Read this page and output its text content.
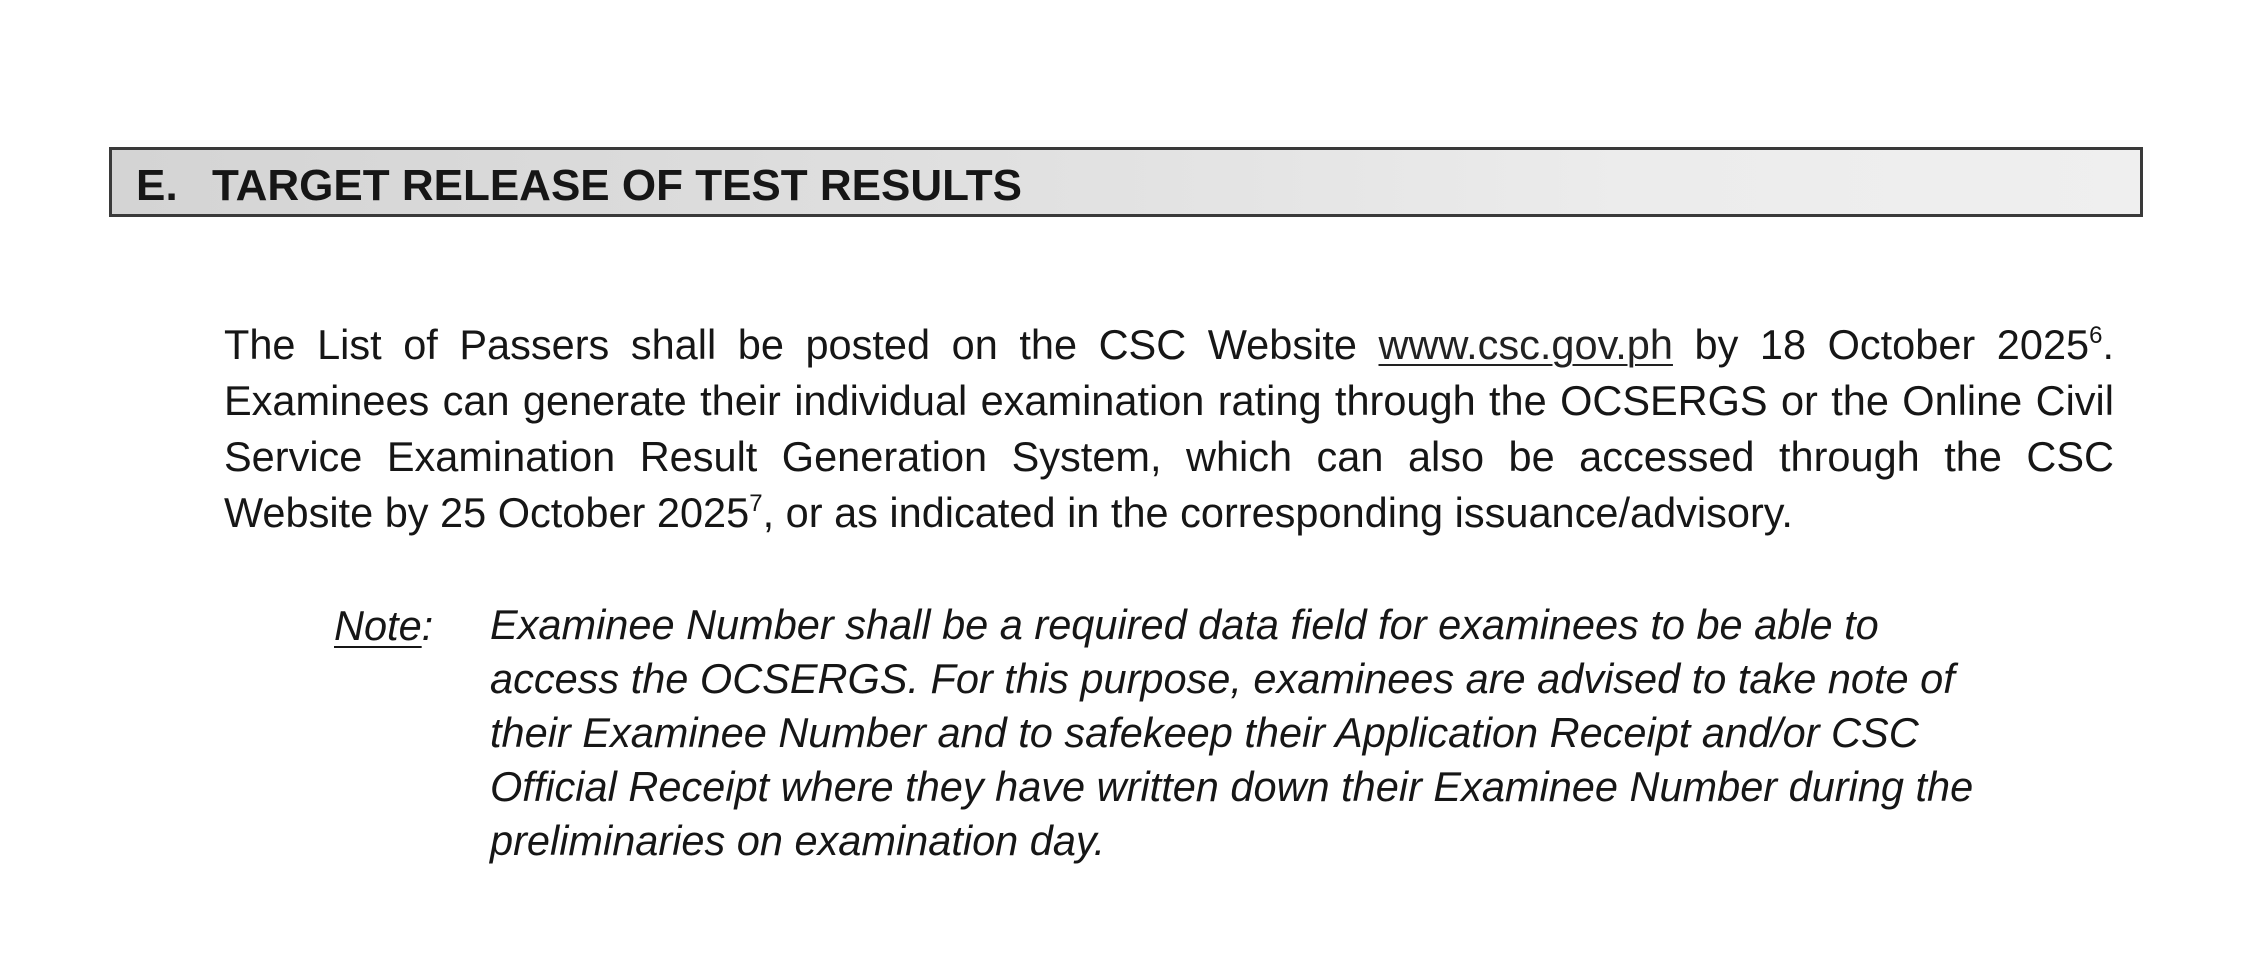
E. TARGET RELEASE OF TEST RESULTS

The List of Passers shall be posted on the CSC Website www.csc.gov.ph by 18 October 2025$^6$. Examinees can generate their individual examination rating through the OCSERGS or the Online Civil Service Examination Result Generation System, which can also be accessed through the CSC Website by 25 October 2025$^7$, or as indicated in the corresponding issuance/advisory.

Note: Examinee Number shall be a required data field for examinees to be able to access the OCSERGS. For this purpose, examinees are advised to take note of their Examinee Number and to safekeep their Application Receipt and/or CSC Official Receipt where they have written down their Examinee Number during the preliminaries on examination day.
